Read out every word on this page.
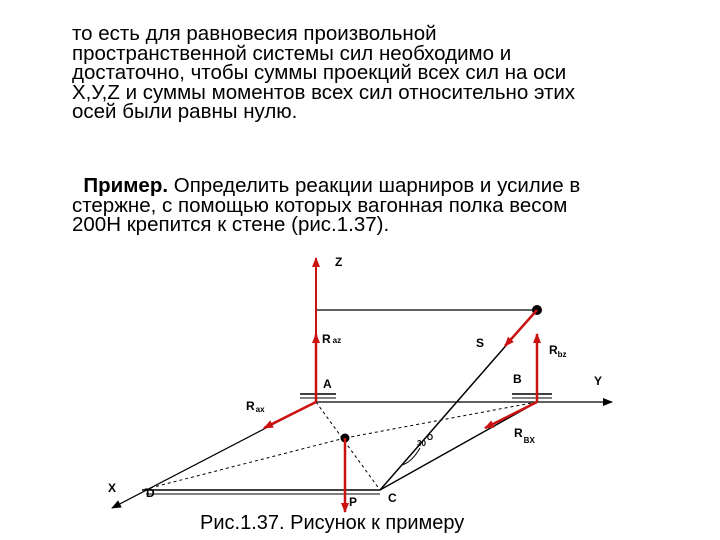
то есть для равновесия произвольной
пространственной системы сил необходимо и
достаточно, чтобы суммы проекций всех сил на оси
X,У,Z и суммы моментов всех сил относительно этих
осей были равны нулю.
Пример. Определить реакции шарниров и усилие в
стержне, с помощью которых вагонная полка весом
200Н крепится к стене (рис.1.37).
Z
Raz	S	$R_{bz}$
A	B	Y
Rax
$30^O$	$R_{BX}$
X D
P	C
Рис.1.37. Рисунок к примеру
